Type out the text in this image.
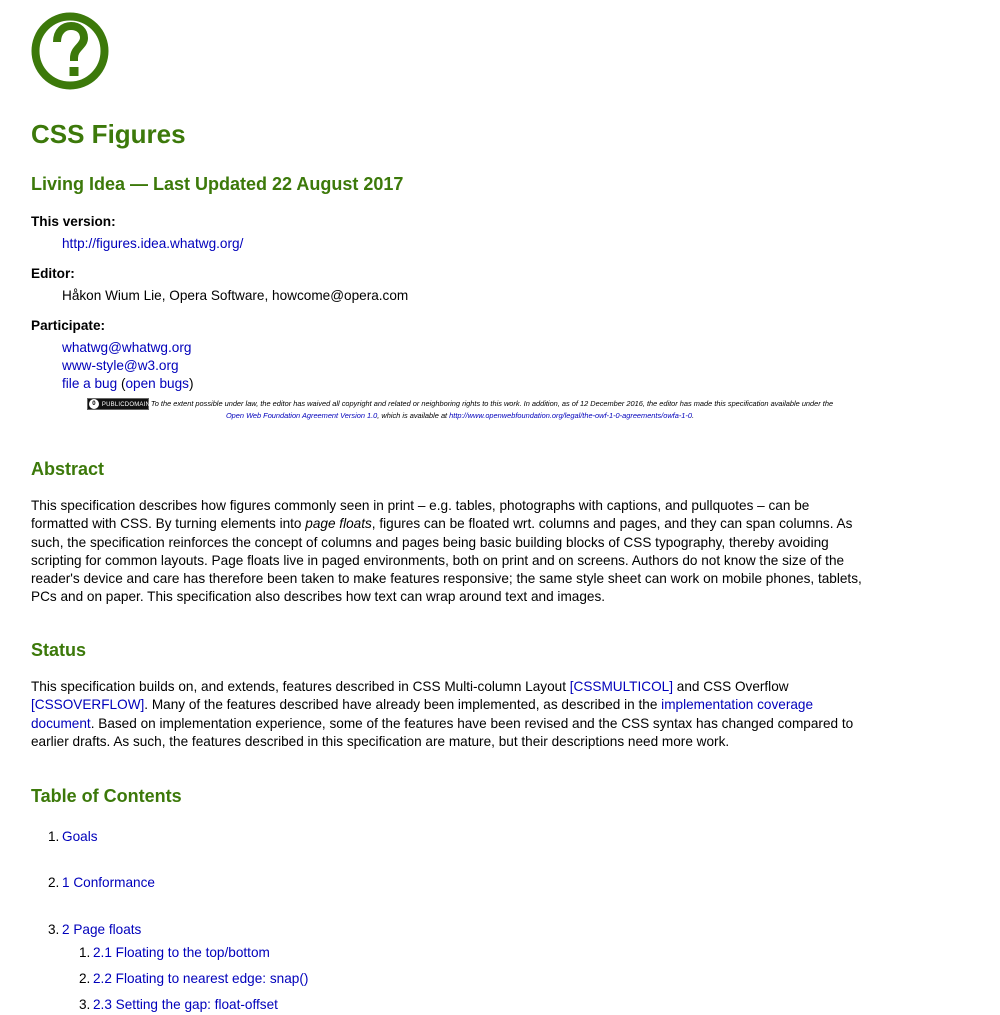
CSS Figures
Living Idea — Last Updated 22 August 2017
This version:
http://figures.idea.whatwg.org/
Editor:
Håkon Wium Lie, Opera Software, howcome@opera.com
Participate:
whatwg@whatwg.org
www-style@w3.org
file a bug (open bugs)
0	PUBLICDOMAIN To the extent possible under law, the editor has waived all copyright and related or neighboring rights to this work. In addition, as of 12 December 2016, the editor has made this specification available under the
Open Web Foundation Agreement Version 1.0, which is available at http://www.openwebfoundation.org/legal/the-owf-1-0-agreements/owfa-1-0.
Abstract

This specification describes how figures commonly seen in print – e.g. tables, photographs with captions, and pullquotes – can be formatted with CSS. By turning elements into page floats, figures can be floated wrt. columns and pages, and they can span columns. As such, the specification reinforces the concept of columns and pages being basic building blocks of CSS typography, thereby avoiding scripting for common layouts. Page floats live in paged environments, both on print and on screens. Authors do not know the size of the reader's device and care has therefore been taken to make features responsive; the same style sheet can work on mobile phones, tablets, PCs and on paper. This specification also describes how text can wrap around text and images.

Status

This specification builds on, and extends, features described in CSS Multi-column Layout [CSSMULTICOL] and CSS Overflow [CSSOVERFLOW]. Many of the features described have already been implemented, as described in the implementation coverage document. Based on implementation experience, some of the features have been revised and the CSS syntax has changed compared to earlier drafts. As such, the features described in this specification are mature, but their descriptions need more work.

Table of Contents
1. Goals
2. 1 Conformance
3. 2 Page floats
1. 2.1 Floating to the top/bottom
2. 2.2 Floating to nearest edge: snap()
3. 2.3 Setting the gap: float-offset
